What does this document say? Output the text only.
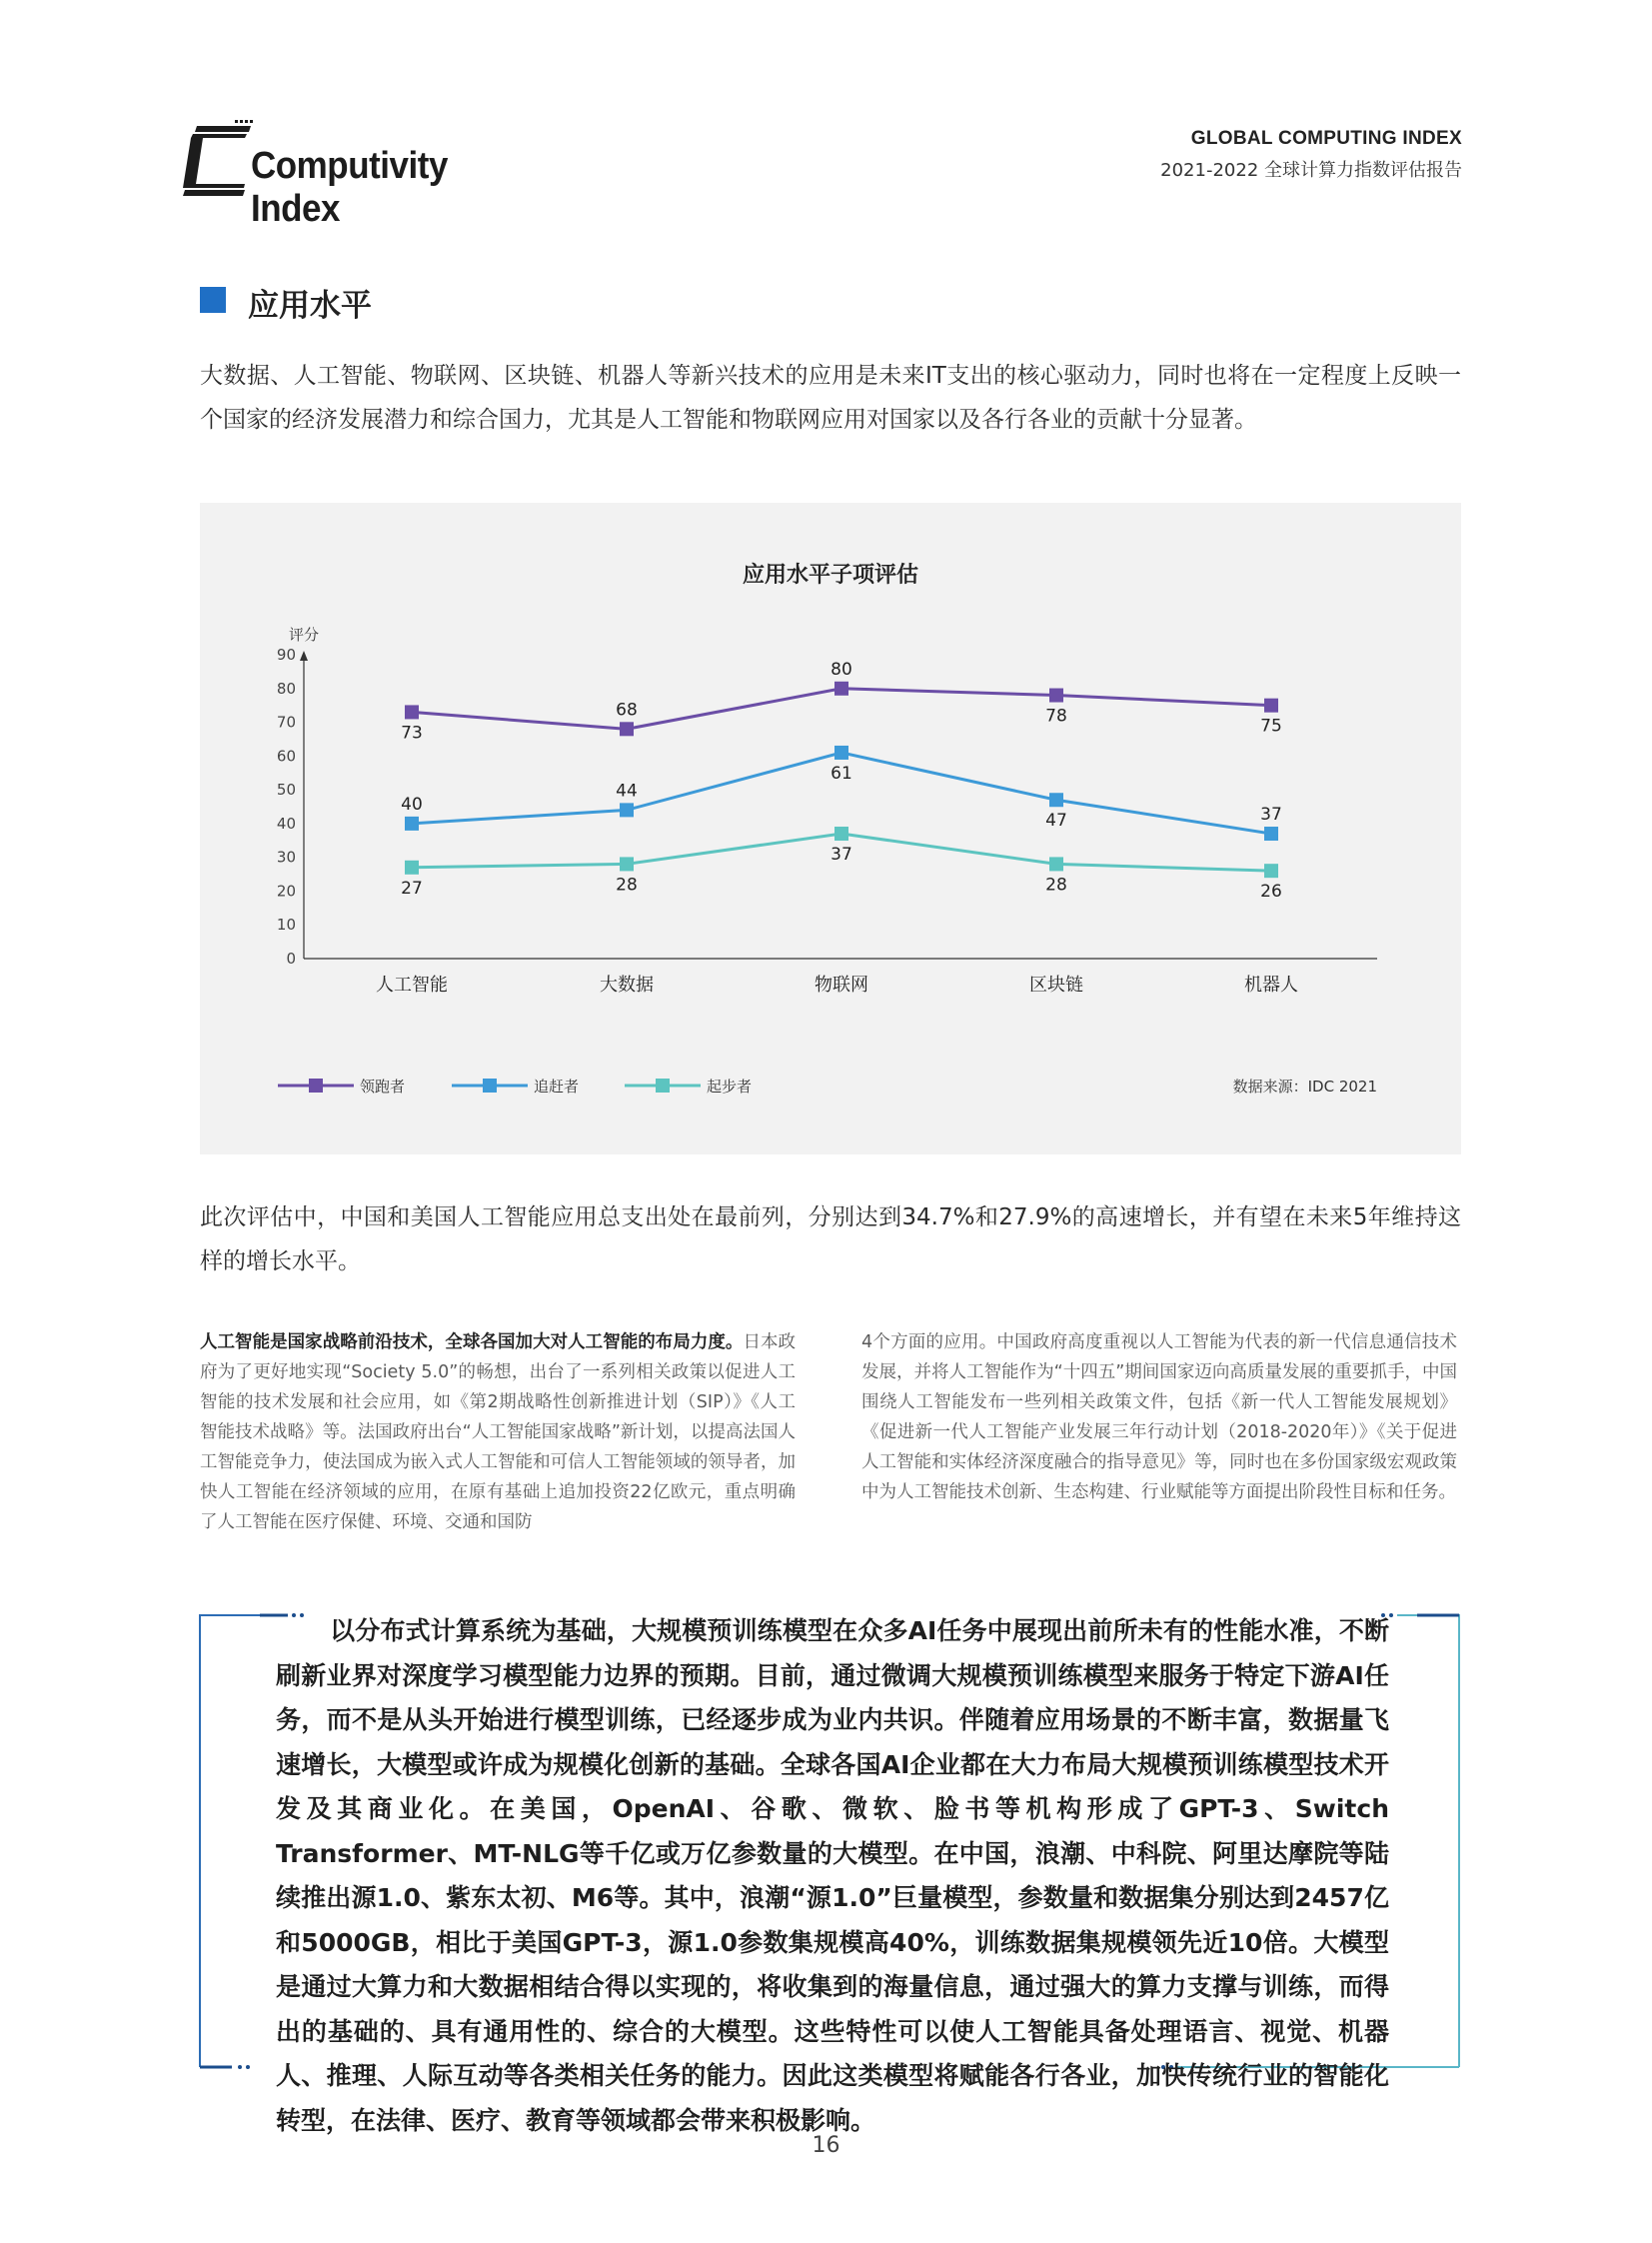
Computivity Index
GLOBAL COMPUTING INDEX
2021-2022 全球计算力指数评估报告
应用水平
大数据、人工智能、物联网、区块链、机器人等新兴技术的应用是未来IT支出的核心驱动力，同时也将在一定程度上反映一个国家的经济发展潜力和综合国力，尤其是人工智能和物联网应用对国家以及各行各业的贡献十分显著。
应用水平子项评估
评分
0
10
20
30
40
50
60
70
80
90
人工智能	大数据	物联网	区块链	机器人
73
68
80
78
75
40
44
61
47	37
27	28
37
28	26
领跑者	追赶者	起步者	数据来源：IDC 2021
此次评估中，中国和美国人工智能应用总支出处在最前列，分别达到34.7%和27.9%的高速增长，并有望在未来5年维持这样的增长水平。
人工智能是国家战略前沿技术，全球各国加大对人工智能的布局力度。日本政府为了更好地实现“Society 5.0”的畅想，出台了一系列相关政策以促进人工智能的技术发展和社会应用，如《第2期战略性创新推进计划（SIP）》《人工智能技术战略》等。法国政府出台“人工智能国家战略”新计划，以提高法国人工智能竞争力，使法国成为嵌入式人工智能和可信人工智能领域的领导者，加快人工智能在经济领域的应用，在原有基础上追加投资22亿欧元，重点明确了人工智能在医疗保健、环境、交通和国防
4个方面的应用。中国政府高度重视以人工智能为代表的新一代信息通信技术发展，并将人工智能作为“十四五”期间国家迈向高质量发展的重要抓手，中国围绕人工智能发布一些列相关政策文件，包括《新一代人工智能发展规划》《促进新一代人工智能产业发展三年行动计划（2018-2020年）》《关于促进人工智能和实体经济深度融合的指导意见》等，同时也在多份国家级宏观政策中为人工智能技术创新、生态构建、行业赋能等方面提出阶段性目标和任务。
以分布式计算系统为基础，大规模预训练模型在众多AI任务中展现出前所未有的性能水准，不断刷新业界对深度学习模型能力边界的预期。目前，通过微调大规模预训练模型来服务于特定下游AI任务，而不是从头开始进行模型训练，已经逐步成为业内共识。伴随着应用场景的不断丰富，数据量飞速增长，大模型或许成为规模化创新的基础。全球各国AI企业都在大力布局大规模预训练模型技术开发及其商业化。在美国，OpenAI、谷歌、微软、脸书等机构形成了GPT-3、Switch Transformer、MT-NLG等千亿或万亿参数量的大模型。在中国，浪潮、中科院、阿里达摩院等陆续推出源1.0、紫东太初、M6等。其中，浪潮“源1.0”巨量模型，参数量和数据集分别达到2457亿和5000GB，相比于美国GPT-3，源1.0参数集规模高40%，训练数据集规模领先近10倍。大模型是通过大算力和大数据相结合得以实现的，将收集到的海量信息，通过强大的算力支撑与训练，而得出的基础的、具有通用性的、综合的大模型。这些特性可以使人工智能具备处理语言、视觉、机器人、推理、人际互动等各类相关任务的能力。因此这类模型将赋能各行各业，加快传统行业的智能化转型，在法律、医疗、教育等领域都会带来积极影响。
16
